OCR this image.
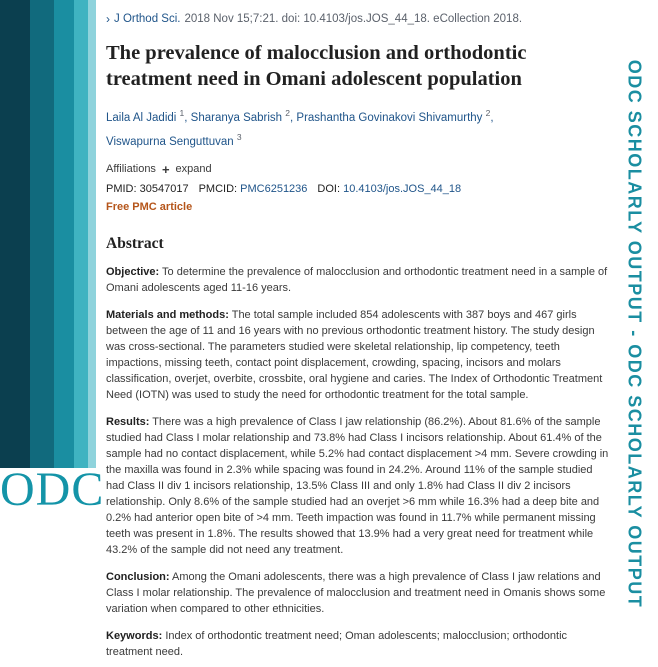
ODC	ODC SCHOLARLY OUTPUT - ODC SCHOLARLY OUTPUT
› J Orthod Sci. 2018 Nov 15;7:21. doi: 10.4103/jos.JOS_44_18. eCollection 2018.
The prevalence of malocclusion and orthodontic treatment need in Omani adolescent population
Laila Al Jadidi $^1$, Sharanya Sabrish $^2$, Prashantha Govinakovi Shivamurthy $^2$,
Viswapurna Senguttuvan $^3$
Affiliations + expand
PMID: 30547017 PMCID: PMC6251236 DOI: 10.4103/jos.JOS_44_18
Free PMC article
Abstract

Objective: To determine the prevalence of malocclusion and orthodontic treatment need in a sample of Omani adolescents aged 11-16 years.

Materials and methods: The total sample included 854 adolescents with 387 boys and 467 girls between the age of 11 and 16 years with no previous orthodontic treatment history. The study design was cross-sectional. The parameters studied were skeletal relationship, lip competency, teeth impactions, missing teeth, contact point displacement, crowding, spacing, incisors and molars classification, overjet, overbite, crossbite, oral hygiene and caries. The Index of Orthodontic Treatment Need (IOTN) was used to study the need for orthodontic treatment for the total sample.

Results: There was a high prevalence of Class I jaw relationship (86.2%). About 81.6% of the sample studied had Class I molar relationship and 73.8% had Class I incisors relationship. About 61.4% of the sample had no contact displacement, while 5.2% had contact displacement >4 mm. Severe crowding in the maxilla was found in 2.3% while spacing was found in 24.2%. Around 11% of the sample studied had Class II div 1 incisors relationship, 13.5% Class III and only 1.8% had Class II div 2 incisors relationship. Only 8.6% of the sample studied had an overjet >6 mm while 16.3% had a deep bite and 0.2% had anterior open bite of >4 mm. Teeth impaction was found in 11.7% while permanent missing teeth was present in 1.8%. The results showed that 13.9% had a very great need for treatment while 43.2% of the sample did not need any treatment.

Conclusion: Among the Omani adolescents, there was a high prevalence of Class I jaw relations and Class I molar relationship. The prevalence of malocclusion and treatment need in Omanis shows some variation when compared to other ethnicities.

Keywords: Index of orthodontic treatment need; Oman adolescents; malocclusion; orthodontic treatment need.
